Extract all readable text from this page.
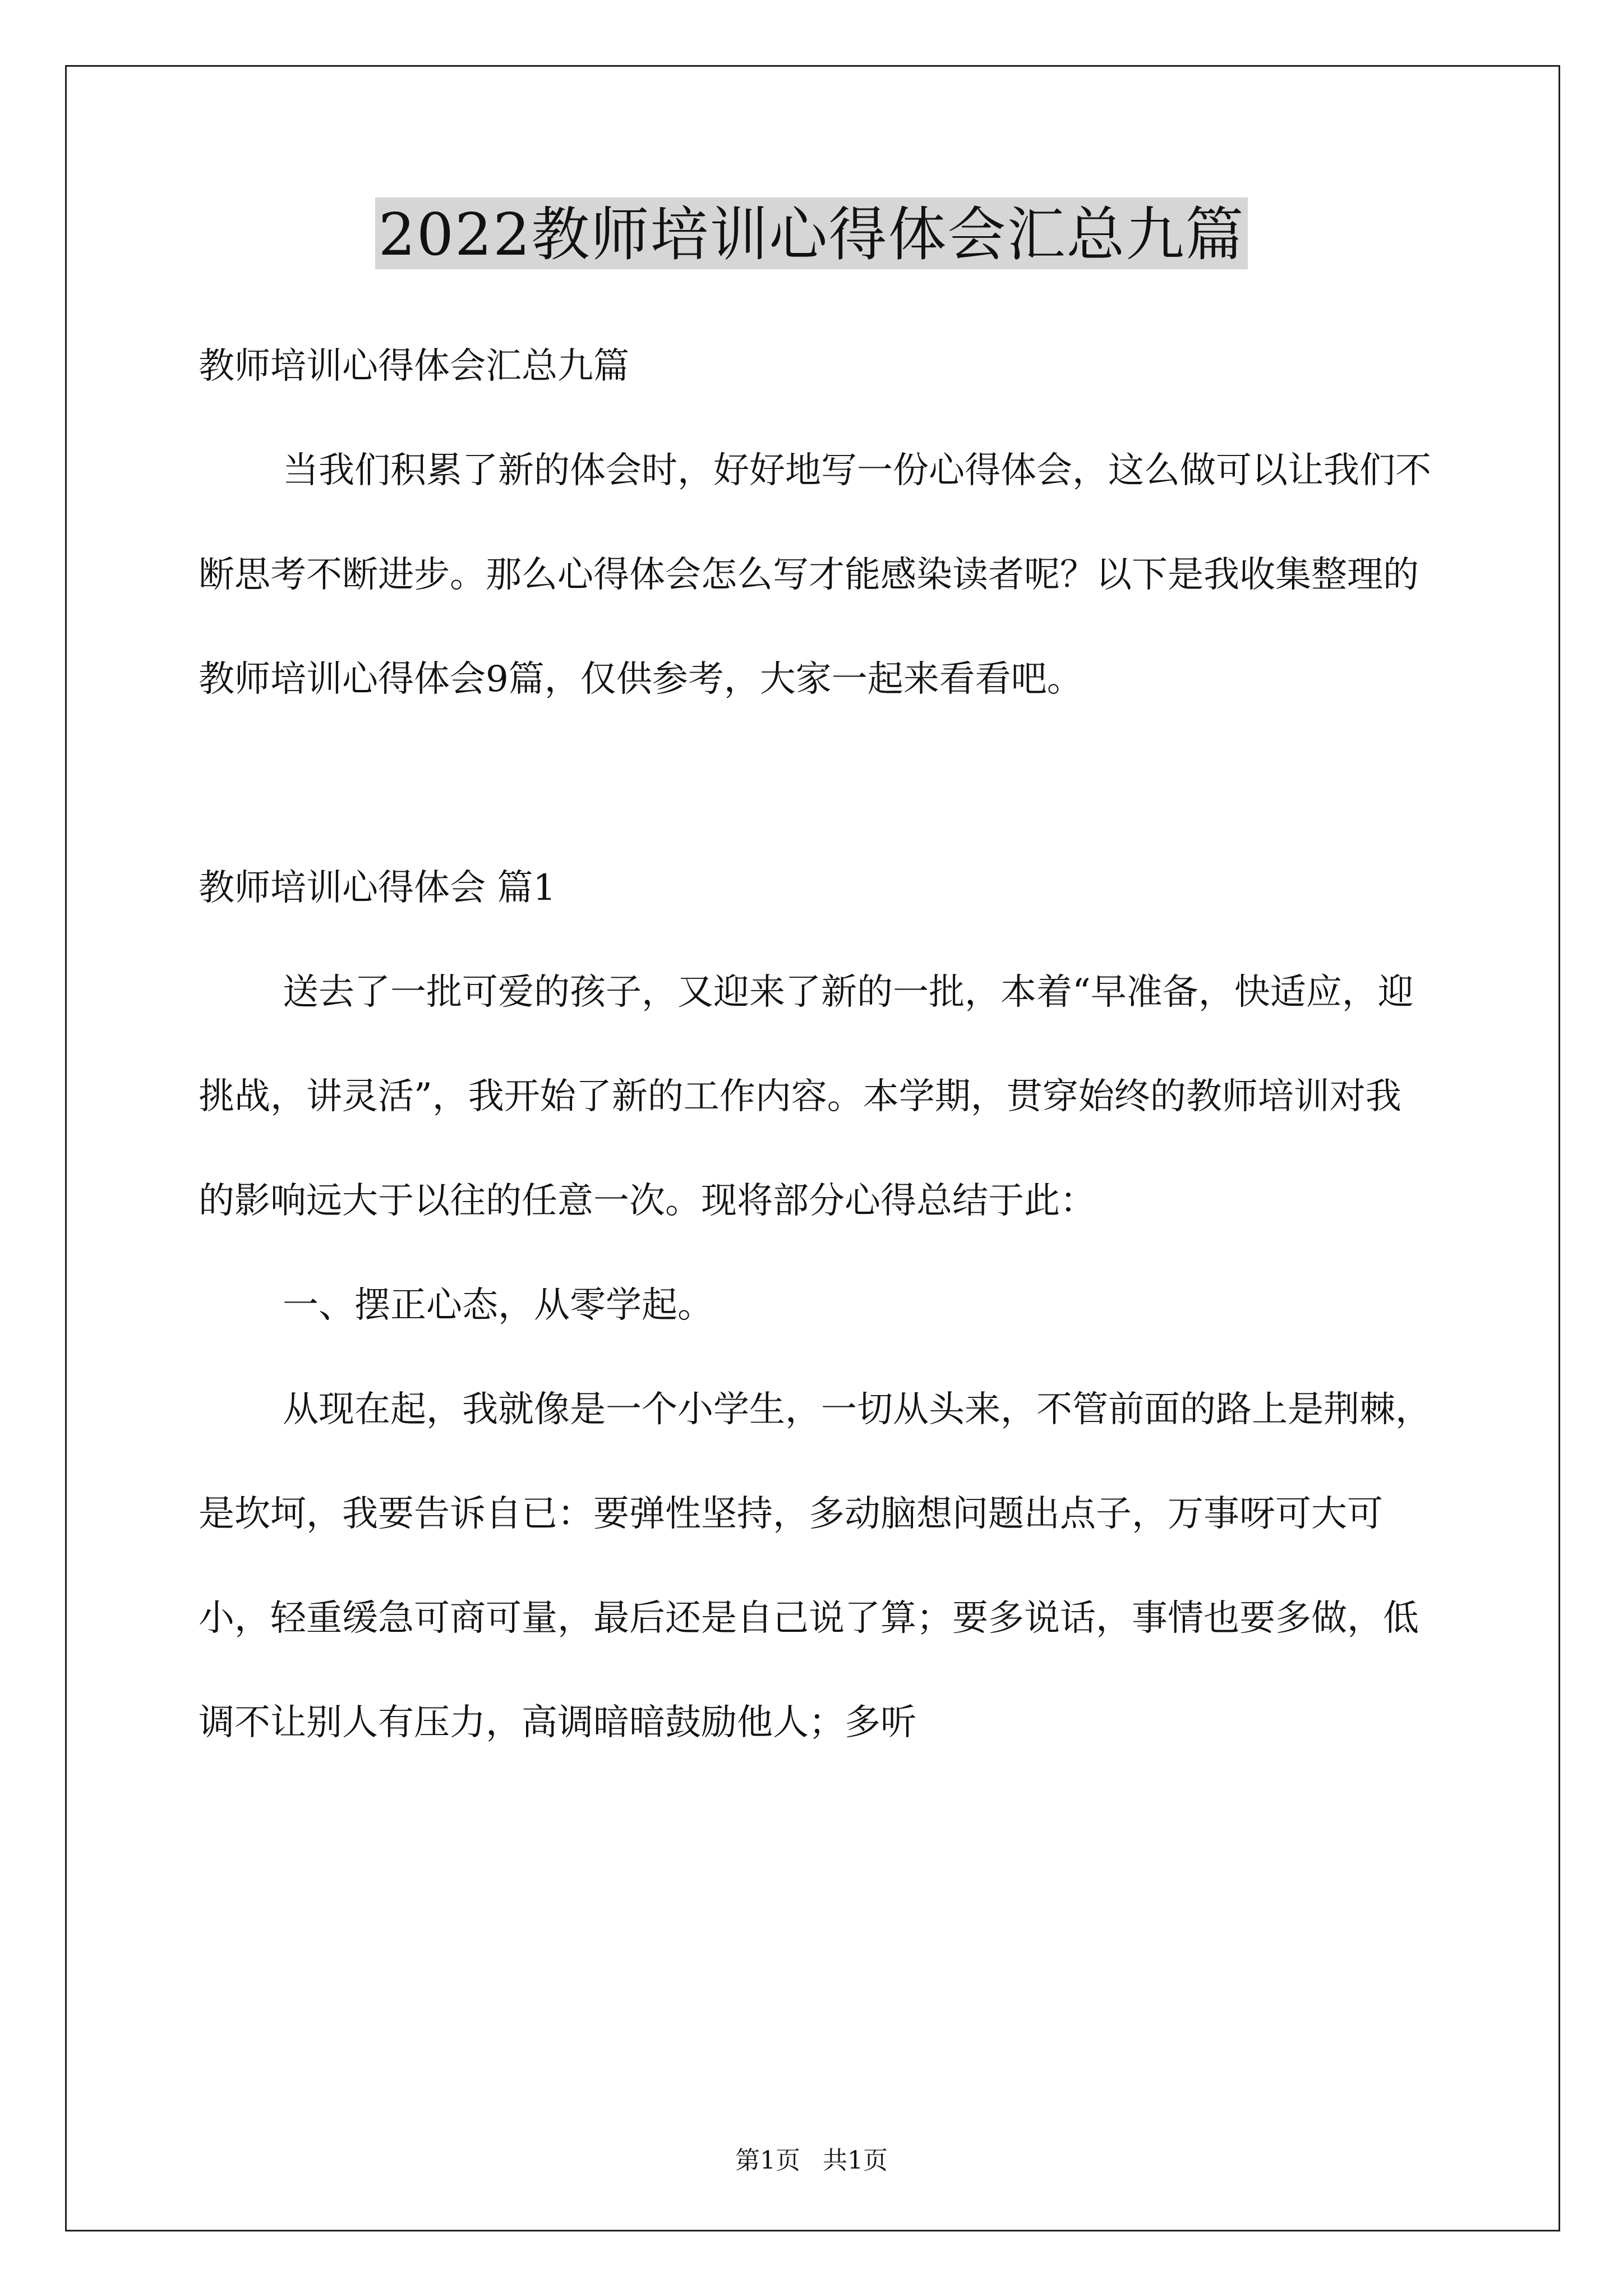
2022教师培训心得体会汇总九篇

教师培训心得体会汇总九篇

当我们积累了新的体会时，好好地写一份心得体会，这么做可以让我们不断思考不断进步。那么心得体会怎么写才能感染读者呢？以下是我收集整理的教师培训心得体会9篇，仅供参考，大家一起来看看吧。

教师培训心得体会 篇1

送去了一批可爱的孩子，又迎来了新的一批，本着“早准备，快适应，迎挑战，讲灵活”，我开始了新的工作内容。本学期，贯穿始终的教师培训对我的影响远大于以往的任意一次。现将部分心得总结于此：

一、摆正心态，从零学起。

从现在起，我就像是一个小学生，一切从头来，不管前面的路上是荆棘，是坎坷，我要告诉自已：要弹性坚持，多动脑想问题出点子，万事呀可大可小，轻重缓急可商可量，最后还是自己说了算；要多说话，事情也要多做，低调不让别人有压力，高调暗暗鼓励他人；多听

第1页 共1页
